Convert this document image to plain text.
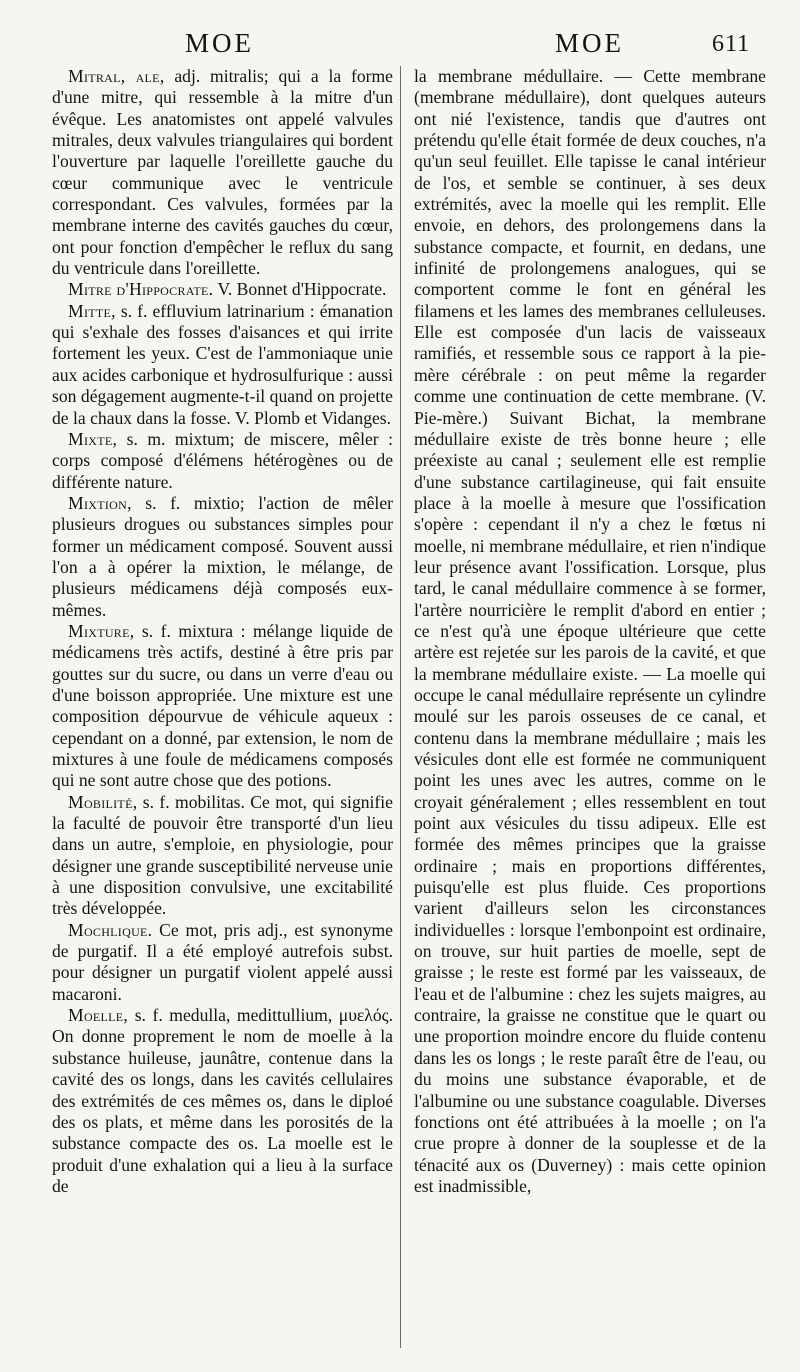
MOE	MOE	611

Mitral, ale, adj. mitralis; qui a la forme d'une mitre, qui ressemble à la mitre d'un évêque. Les anatomistes ont appelé valvules mitrales, deux valvules triangulaires qui bordent l'ouverture par laquelle l'oreillette gauche du cœur communique avec le ventricule correspondant. Ces valvules, formées par la membrane interne des cavités gauches du cœur, ont pour fonction d'empêcher le reflux du sang du ventricule dans l'oreillette.

Mitre d'Hippocrate. V. Bonnet d'Hippocrate.

Mitte, s. f. effluvium latrinarium : émanation qui s'exhale des fosses d'aisances et qui irrite fortement les yeux. C'est de l'ammoniaque unie aux acides carbonique et hydrosulfurique : aussi son dégagement augmente-t-il quand on projette de la chaux dans la fosse. V. Plomb et Vidanges.

Mixte, s. m. mixtum; de miscere, mêler : corps composé d'élémens hétérogènes ou de différente nature.

Mixtion, s. f. mixtio; l'action de mêler plusieurs drogues ou substances simples pour former un médicament composé. Souvent aussi l'on a à opérer la mixtion, le mélange, de plusieurs médicamens déjà composés eux-mêmes.

Mixture, s. f. mixtura : mélange liquide de médicamens très actifs, destiné à être pris par gouttes sur du sucre, ou dans un verre d'eau ou d'une boisson appropriée. Une mixture est une composition dépourvue de véhicule aqueux : cependant on a donné, par extension, le nom de mixtures à une foule de médicamens composés qui ne sont autre chose que des potions.

Mobilité, s. f. mobilitas. Ce mot, qui signifie la faculté de pouvoir être transporté d'un lieu dans un autre, s'emploie, en physiologie, pour désigner une grande susceptibilité nerveuse unie à une disposition convulsive, une excitabilité très développée.

Mochlique. Ce mot, pris adj., est synonyme de purgatif. Il a été employé autrefois subst. pour désigner un purgatif violent appelé aussi macaroni.

Moelle, s. f. medulla, medittullium, μυελός. On donne proprement le nom de moelle à la substance huileuse, jaunâtre, contenue dans la cavité des os longs, dans les cavités cellulaires des extrémités de ces mêmes os, dans le diploé des os plats, et même dans les porosités de la substance compacte des os. La moelle est le produit d'une exhalation qui a lieu à la surface de

la membrane médullaire. — Cette membrane (membrane médullaire), dont quelques auteurs ont nié l'existence, tandis que d'autres ont prétendu qu'elle était formée de deux couches, n'a qu'un seul feuillet. Elle tapisse le canal intérieur de l'os, et semble se continuer, à ses deux extrémités, avec la moelle qui les remplit. Elle envoie, en dehors, des prolongemens dans la substance compacte, et fournit, en dedans, une infinité de prolongemens analogues, qui se comportent comme le font en général les filamens et les lames des membranes celluleuses. Elle est composée d'un lacis de vaisseaux ramifiés, et ressemble sous ce rapport à la pie-mère cérébrale : on peut même la regarder comme une continuation de cette membrane. (V. Pie-mère.) Suivant Bichat, la membrane médullaire existe de très bonne heure ; elle préexiste au canal ; seulement elle est remplie d'une substance cartilagineuse, qui fait ensuite place à la moelle à mesure que l'ossification s'opère : cependant il n'y a chez le fœtus ni moelle, ni membrane médullaire, et rien n'indique leur présence avant l'ossification. Lorsque, plus tard, le canal médullaire commence à se former, l'artère nourricière le remplit d'abord en entier ; ce n'est qu'à une époque ultérieure que cette artère est rejetée sur les parois de la cavité, et que la membrane médullaire existe. — La moelle qui occupe le canal médullaire représente un cylindre moulé sur les parois osseuses de ce canal, et contenu dans la membrane médullaire ; mais les vésicules dont elle est formée ne communiquent point les unes avec les autres, comme on le croyait généralement ; elles ressemblent en tout point aux vésicules du tissu adipeux. Elle est formée des mêmes principes que la graisse ordinaire ; mais en proportions différentes, puisqu'elle est plus fluide. Ces proportions varient d'ailleurs selon les circonstances individuelles : lorsque l'embonpoint est ordinaire, on trouve, sur huit parties de moelle, sept de graisse ; le reste est formé par les vaisseaux, de l'eau et de l'albumine : chez les sujets maigres, au contraire, la graisse ne constitue que le quart ou une proportion moindre encore du fluide contenu dans les os longs ; le reste paraît être de l'eau, ou du moins une substance évaporable, et de l'albumine ou une substance coagulable. Diverses fonctions ont été attribuées à la moelle ; on l'a crue propre à donner de la souplesse et de la ténacité aux os (Duverney) : mais cette opinion est inadmissible,
